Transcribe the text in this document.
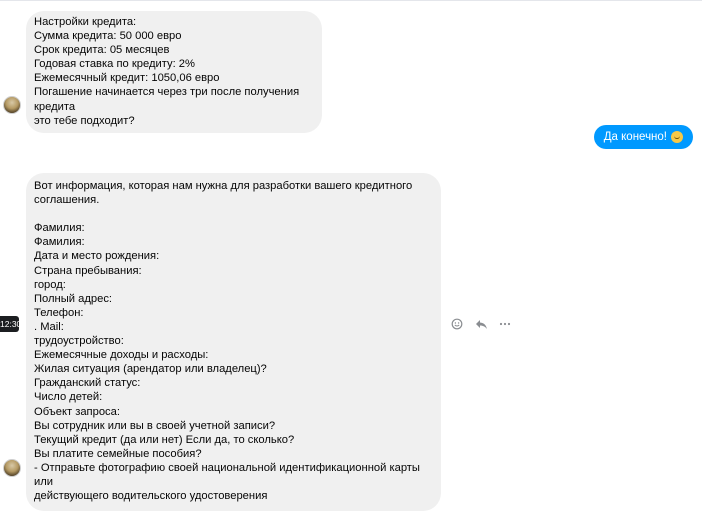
Настройки кредита:
Сумма кредита: 50 000 евро
Срок кредита: 05 месяцев
Годовая ставка по кредиту: 2%
Ежемесячный кредит: 1050,06 евро
Погашение начинается через три после получения кредита
это тебе подходит?
Да конечно!
12:30
Вот информация, которая нам нужна для разработки вашего кредитного
соглашения.

Фамилия:
Фамилия:
Дата и место рождения:
Страна пребывания:
город:
Полный адрес:
Телефон:
. Mail:
трудоустройство:
Ежемесячные доходы и расходы:
Жилая ситуация (арендатор или владелец)?
Гражданский статус:
Число детей:
Объект запроса:
Вы сотрудник или вы в своей учетной записи?
Текущий кредит (да или нет) Если да, то сколько?
Вы платите семейные пособия?
- Отправьте фотографию своей национальной идентификационной карты или
действующего водительского удостоверения
